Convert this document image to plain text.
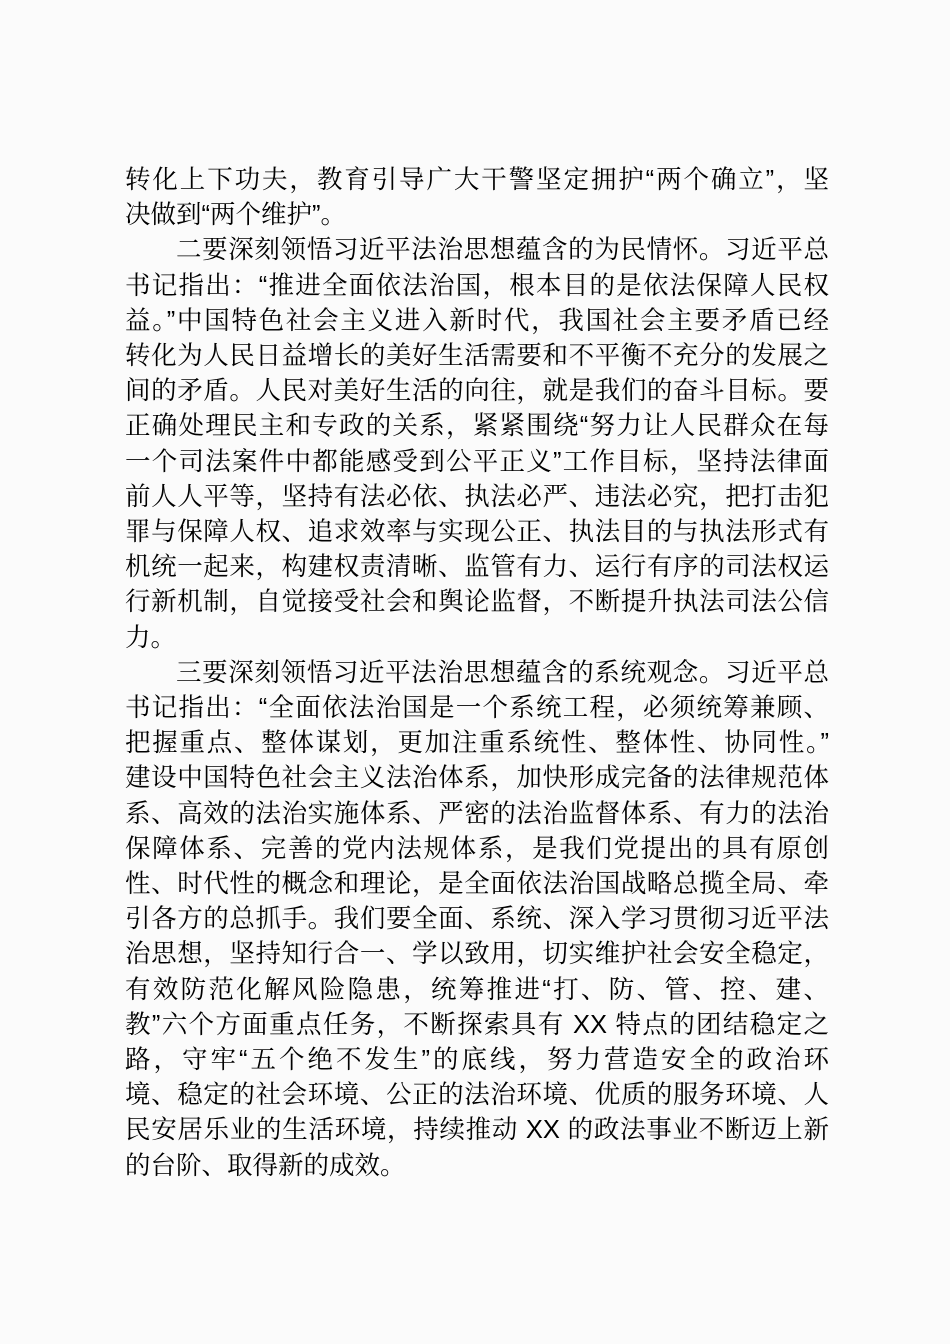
转化上下功夫，教育引导广大干警坚定拥护“两个确立”，坚
决做到“两个维护”。
二要深刻领悟习近平法治思想蕴含的为民情怀。习近平总
书记指出：“推进全面依法治国，根本目的是依法保障人民权
益。”中国特色社会主义进入新时代，我国社会主要矛盾已经
转化为人民日益增长的美好生活需要和不平衡不充分的发展之
间的矛盾。人民对美好生活的向往，就是我们的奋斗目标。要
正确处理民主和专政的关系，紧紧围绕“努力让人民群众在每
一个司法案件中都能感受到公平正义”工作目标，坚持法律面
前人人平等，坚持有法必依、执法必严、违法必究，把打击犯
罪与保障人权、追求效率与实现公正、执法目的与执法形式有
机统一起来，构建权责清晰、监管有力、运行有序的司法权运
行新机制，自觉接受社会和舆论监督，不断提升执法司法公信
力。
三要深刻领悟习近平法治思想蕴含的系统观念。习近平总
书记指出：“全面依法治国是一个系统工程，必须统筹兼顾、
把握重点、整体谋划，更加注重系统性、整体性、协同性。”
建设中国特色社会主义法治体系，加快形成完备的法律规范体
系、高效的法治实施体系、严密的法治监督体系、有力的法治
保障体系、完善的党内法规体系，是我们党提出的具有原创
性、时代性的概念和理论，是全面依法治国战略总揽全局、牵
引各方的总抓手。我们要全面、系统、深入学习贯彻习近平法
治思想，坚持知行合一、学以致用，切实维护社会安全稳定，
有效防范化解风险隐患，统筹推进“打、防、管、控、建、
教”六个方面重点任务，不断探索具有 XX 特点的团结稳定之
路，守牢“五个绝不发生”的底线，努力营造安全的政治环
境、稳定的社会环境、公正的法治环境、优质的服务环境、人
民安居乐业的生活环境，持续推动 XX 的政法事业不断迈上新
的台阶、取得新的成效。
